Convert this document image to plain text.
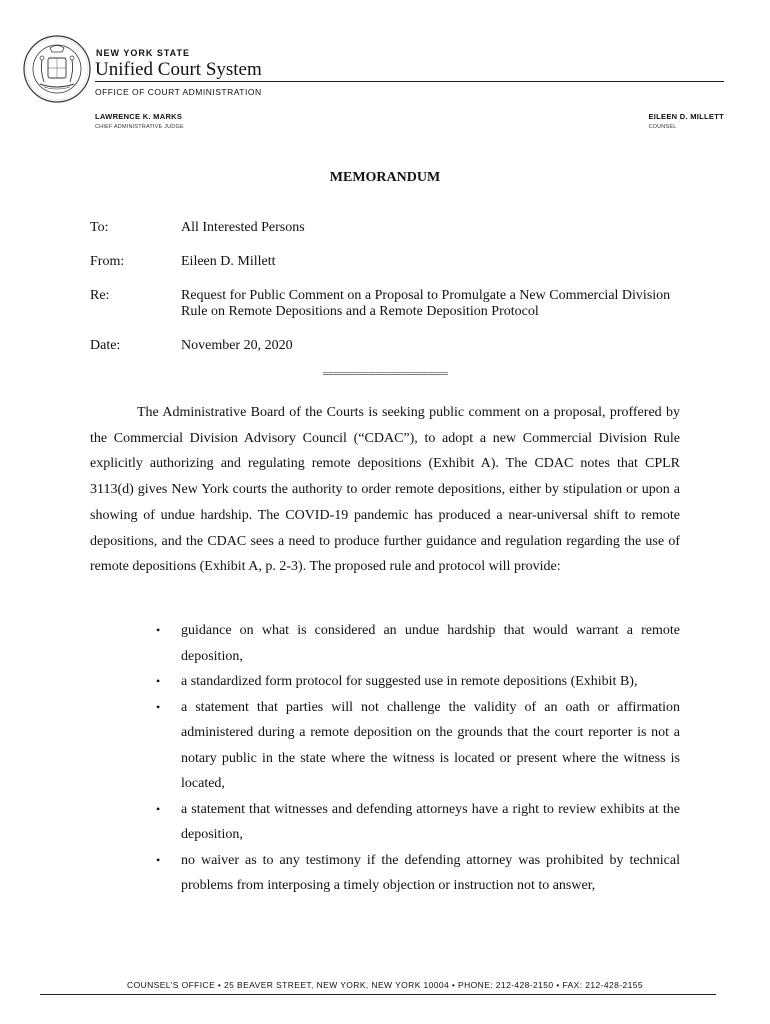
NEW YORK STATE
Unified Court System
OFFICE OF COURT ADMINISTRATION
LAWRENCE K. MARKS
CHIEF ADMINISTRATIVE JUDGE
EILEEN D. MILLETT
COUNSEL
MEMORANDUM
To:	All Interested Persons
From:	Eileen D. Millett
Re:	Request for Public Comment on a Proposal to Promulgate a New Commercial Division Rule on Remote Depositions and a Remote Deposition Protocol
Date:	November 20, 2020
========================

The Administrative Board of the Courts is seeking public comment on a proposal, proffered by the Commercial Division Advisory Council (“CDAC”), to adopt a new Commercial Division Rule explicitly authorizing and regulating remote depositions (Exhibit A). The CDAC notes that CPLR 3113(d) gives New York courts the authority to order remote depositions, either by stipulation or upon a showing of undue hardship. The COVID-19 pandemic has produced a near-universal shift to remote depositions, and the CDAC sees a need to produce further guidance and regulation regarding the use of remote depositions (Exhibit A, p. 2-3). The proposed rule and protocol will provide:

• guidance on what is considered an undue hardship that would warrant a remote deposition,
• a standardized form protocol for suggested use in remote depositions (Exhibit B),
• a statement that parties will not challenge the validity of an oath or affirmation administered during a remote deposition on the grounds that the court reporter is not a notary public in the state where the witness is located or present where the witness is located,
• a statement that witnesses and defending attorneys have a right to review exhibits at the deposition,
• no waiver as to any testimony if the defending attorney was prohibited by technical problems from interposing a timely objection or instruction not to answer,
COUNSEL’S OFFICE • 25 BEAVER STREET, NEW YORK, NEW YORK 10004 • PHONE: 212-428-2150 • FAX: 212-428-2155
